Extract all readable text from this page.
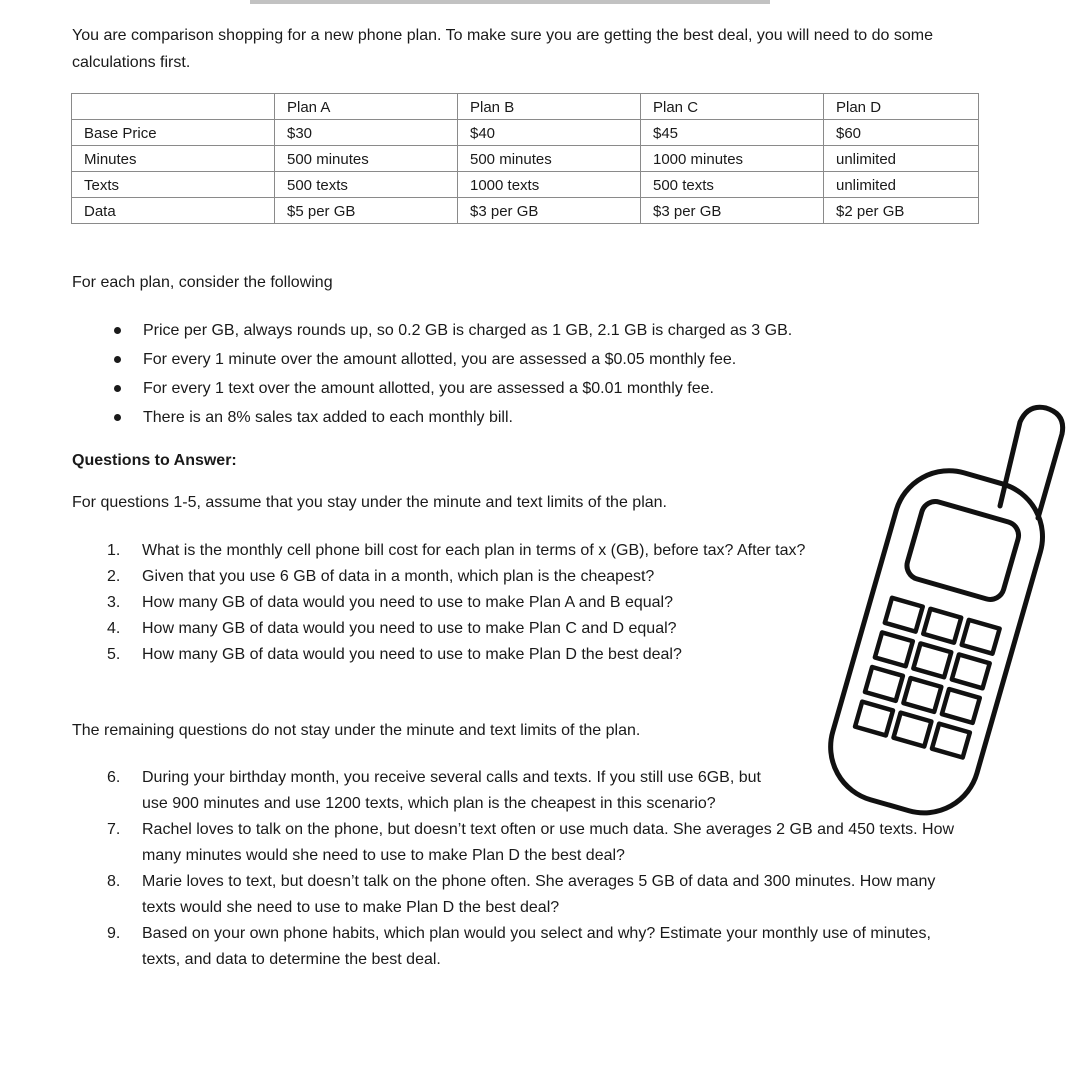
You are comparison shopping for a new phone plan. To make sure you are getting the best deal, you will need to do some calculations first.

	Plan A	Plan B	Plan C	Plan D
Base Price	$30	$40	$45	$60
Minutes	500 minutes	500 minutes	1000 minutes	unlimited
Texts	500 texts	1000 texts	500 texts	unlimited
Data	$5 per GB	$3 per GB	$3 per GB	$2 per GB

For each plan, consider the following

Price per GB, always rounds up, so 0.2 GB is charged as 1 GB, 2.1 GB is charged as 3 GB.
For every 1 minute over the amount allotted, you are assessed a $0.05 monthly fee.
For every 1 text over the amount allotted, you are assessed a $0.01 monthly fee.
There is an 8% sales tax added to each monthly bill.

Questions to Answer:

For questions 1-5, assume that you stay under the minute and text limits of the plan.

1. What is the monthly cell phone bill cost for each plan in terms of x (GB), before tax? After tax?
2. Given that you use 6 GB of data in a month, which plan is the cheapest?
3. How many GB of data would you need to use to make Plan A and B equal?
4. How many GB of data would you need to use to make Plan C and D equal?
5. How many GB of data would you need to use to make Plan D the best deal?

The remaining questions do not stay under the minute and text limits of the plan.

6. During your birthday month, you receive several calls and texts. If you still use 6GB, but use 900 minutes and use 1200 texts, which plan is the cheapest in this scenario?
7. Rachel loves to talk on the phone, but doesn’t text often or use much data. She averages 2 GB and 450 texts. How many minutes would she need to use to make Plan D the best deal?
8. Marie loves to text, but doesn’t talk on the phone often. She averages 5 GB of data and 300 minutes. How many texts would she need to use to make Plan D the best deal?
9. Based on your own phone habits, which plan would you select and why? Estimate your monthly use of minutes, texts, and data to determine the best deal.
